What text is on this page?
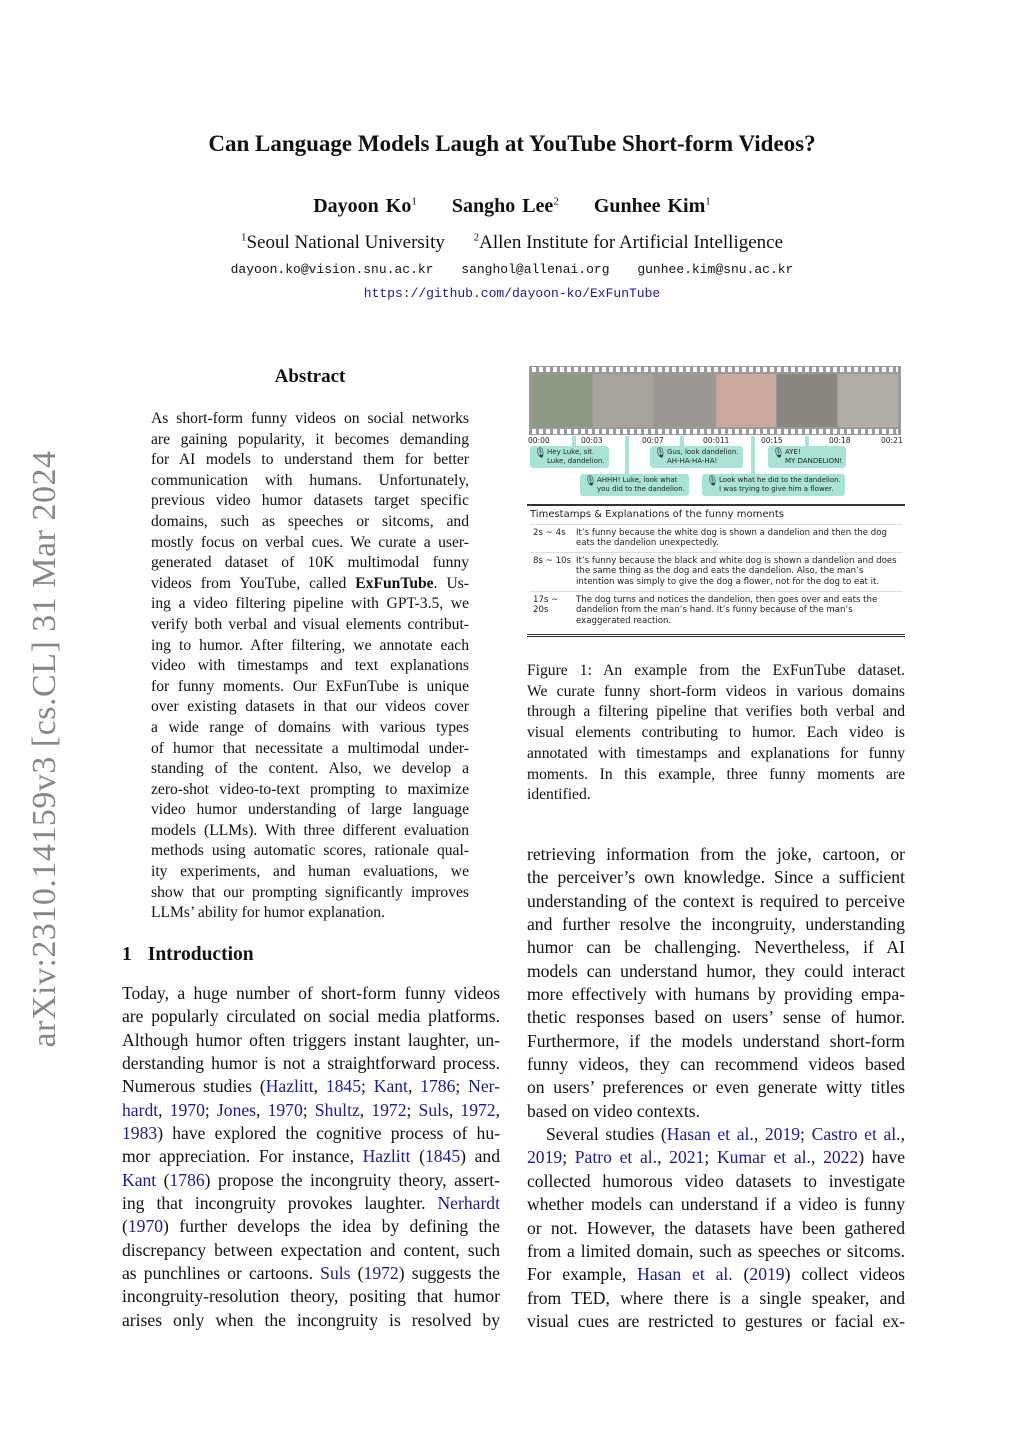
arXiv:2310.14159v3 [cs.CL] 31 Mar 2024
Can Language Models Laugh at YouTube Short-form Videos?
Dayoon Ko$^1$ Sangho Lee$^2$ Gunhee Kim$^1$
$^1$Seoul National University	$^2$Allen Institute for Artificial Intelligence
dayoon.ko@vision.snu.ac.kr sanghol@allenai.org gunhee.kim@snu.ac.kr
https://github.com/dayoon-ko/ExFunTube
Abstract
As short-form funny videos on social networks
are gaining popularity, it becomes demanding
for AI models to understand them for better
communication with humans. Unfortunately,
previous video humor datasets target specific
domains, such as speeches or sitcoms, and
mostly focus on verbal cues. We curate a user-
generated dataset of 10K multimodal funny
videos from YouTube, called ExFunTube. Us-
ing a video filtering pipeline with GPT-3.5, we
verify both verbal and visual elements contribut-
ing to humor. After filtering, we annotate each
video with timestamps and text explanations
for funny moments. Our ExFunTube is unique
over existing datasets in that our videos cover
a wide range of domains with various types
of humor that necessitate a multimodal under-
standing of the content. Also, we develop a
zero-shot video-to-text prompting to maximize
video humor understanding of large language
models (LLMs). With three different evaluation
methods using automatic scores, rationale qual-
ity experiments, and human evaluations, we
show that our prompting significantly improves
LLMs’ ability for humor explanation.
1 Introduction
Today, a huge number of short-form funny videos
are popularly circulated on social media platforms.
Although humor often triggers instant laughter, un-
derstanding humor is not a straightforward process.
Numerous studies (Hazlitt, 1845; Kant, 1786; Ner-
hardt, 1970; Jones, 1970; Shultz, 1972; Suls, 1972,
1983) have explored the cognitive process of hu-
mor appreciation. For instance, Hazlitt (1845) and
Kant (1786) propose the incongruity theory, assert-
ing that incongruity provokes laughter. Nerhardt
(1970) further develops the idea by defining the
discrepancy between expectation and content, such
as punchlines or cartoons. Suls (1972) suggests the
incongruity-resolution theory, positing that humor
arises only when the incongruity is resolved by
00:00	00:03	00:07	00:011	00:15	00:18	00:21
🎙 Hey Luke, sit.
Luke, dandelion.
🎙 AHHH! Luke, look what
you did to the dandelion.
🎙 Gus, look dandelion.
AH-HA-HA-HA!
🎙 Look what he did to the dandelion.
I was trying to give him a flower.
🎙 AYE!
MY DANDELION!
Timestamps & Explanations of the funny moments
2s ~ 4s	It’s funny because the white dog is shown a dandelion and then the dog eats the dandelion unexpectedly.
8s ~ 10s It’s funny because the black and white dog is shown a dandelion and does the same thing as the dog and eats the dandelion. Also, the man’s intention was simply to give the dog a flower, not for the dog to eat it.
17s ~ 20s
The dog turns and notices the dandelion, then goes over and eats the dandelion from the man’s hand. It’s funny because of the man’s exaggerated reaction.
Figure 1: An example from the ExFunTube dataset.
We curate funny short-form videos in various domains
through a filtering pipeline that verifies both verbal and
visual elements contributing to humor. Each video is
annotated with timestamps and explanations for funny
moments. In this example, three funny moments are
identified.
retrieving information from the joke, cartoon, or
the perceiver’s own knowledge. Since a sufficient
understanding of the context is required to perceive
and further resolve the incongruity, understanding
humor can be challenging. Nevertheless, if AI
models can understand humor, they could interact
more effectively with humans by providing empa-
thetic responses based on users’ sense of humor.
Furthermore, if the models understand short-form
funny videos, they can recommend videos based
on users’ preferences or even generate witty titles
based on video contexts.
Several studies (Hasan et al., 2019; Castro et al.,
2019; Patro et al., 2021; Kumar et al., 2022) have
collected humorous video datasets to investigate
whether models can understand if a video is funny
or not. However, the datasets have been gathered
from a limited domain, such as speeches or sitcoms.
For example, Hasan et al. (2019) collect videos
from TED, where there is a single speaker, and
visual cues are restricted to gestures or facial ex-
